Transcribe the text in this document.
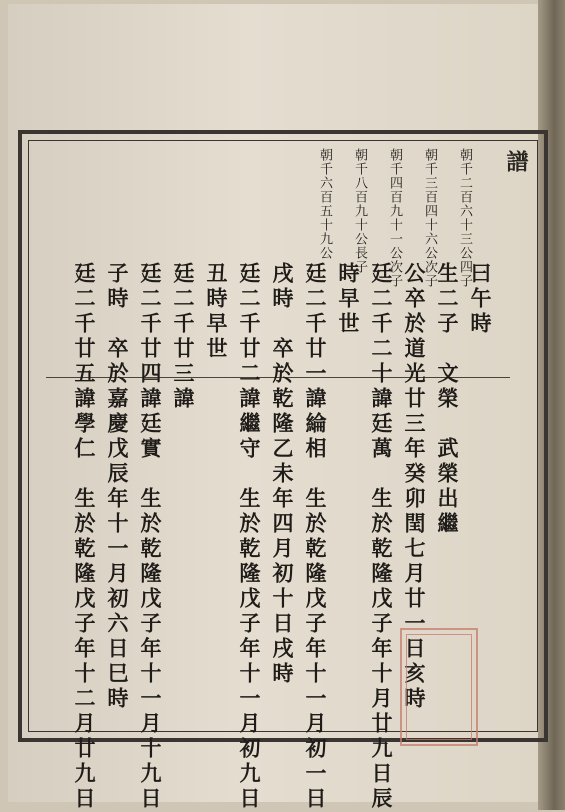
譜
朝千二百六十三公四子
朝千三百四十六公次子
朝千四百九十一公次子
朝千八百九十公長子
朝千六百五十九公
曰午時
生二子　文榮　武榮出繼
公卒於道光廿三年癸卯閏七月廿一日亥時
廷二千二十諱廷萬　生於乾隆戊子年十月廿九日辰
時早世
廷二千廿一諱綸相　生於乾隆戊子年十一月初一日
戌時　卒於乾隆乙未年四月初十日戌時
廷二千廿二諱繼守　生於乾隆戊子年十一月初九日
丑時早世
廷二千廿三諱
廷二千廿四諱廷實　生於乾隆戊子年十一月十九日
子時　卒於嘉慶戊辰年十一月初六日巳時
廷二千廿五諱學仁　生於乾隆戊子年十二月廿九日
